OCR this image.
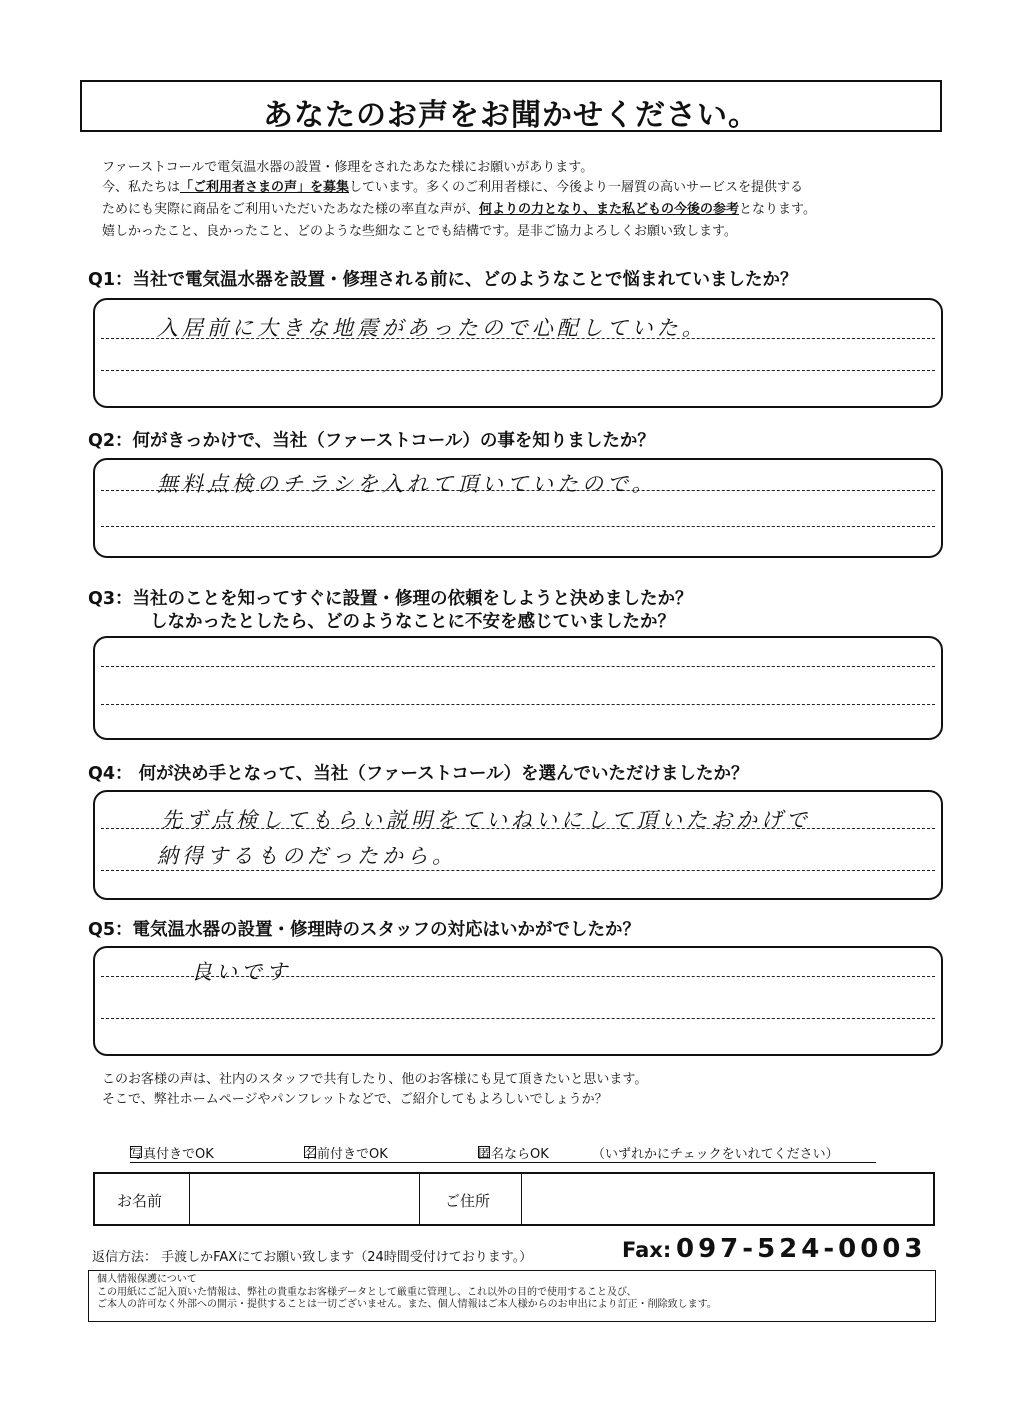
あなたのお声をお聞かせください。
ファーストコールで電気温水器の設置・修理をされたあなた様にお願いがあります。
今、私たちは「ご利用者さまの声」を募集しています。多くのご利用者様に、今後より一層質の高いサービスを提供する
ためにも実際に商品をご利用いただいたあなた様の率直な声が、何よりの力となり、また私どもの今後の参考となります。
嬉しかったこと、良かったこと、どのような些細なことでも結構です。是非ご協力よろしくお願い致します。
Q1：当社で電気温水器を設置・修理される前に、どのようなことで悩まれていましたか？
入居前に大きな地震があったので心配していた。
Q2：何がきっかけで、当社（ファーストコール）の事を知りましたか？
無料点検のチラシを入れて頂いていたので。
Q3：当社のことを知ってすぐに設置・修理の依頼をしようと決めましたか？
しなかったとしたら、どのようなことに不安を感じていましたか？
Q4： 何が決め手となって、当社（ファーストコール）を選んでいただけましたか？
先ず点検してもらい説明をていねいにして頂いたおかげで
納得するものだったから。
Q5：電気温水器の設置・修理時のスタッフの対応はいかがでしたか？
良いです
このお客様の声は、社内のスタッフで共有したり、他のお客様にも見て頂きたいと思います。
そこで、弊社ホームページやパンフレットなどで、ご紹介してもよろしいでしょうか？
写真付きでOK	名前付きでOK	匿名ならOK	（いずれかにチェックをいれてください）
お名前	ご住所
返信方法： 手渡しかFAXにてお願い致します（24時間受付けております。）	Fax: 097-524-0003
個人情報保護について
この用紙にご記入頂いた情報は、弊社の貴重なお客様データとして厳重に管理し、これ以外の目的で使用すること及び、
ご本人の許可なく外部への開示・提供することは一切ございません。また、個人情報はご本人様からのお申出により訂正・削除致します。
